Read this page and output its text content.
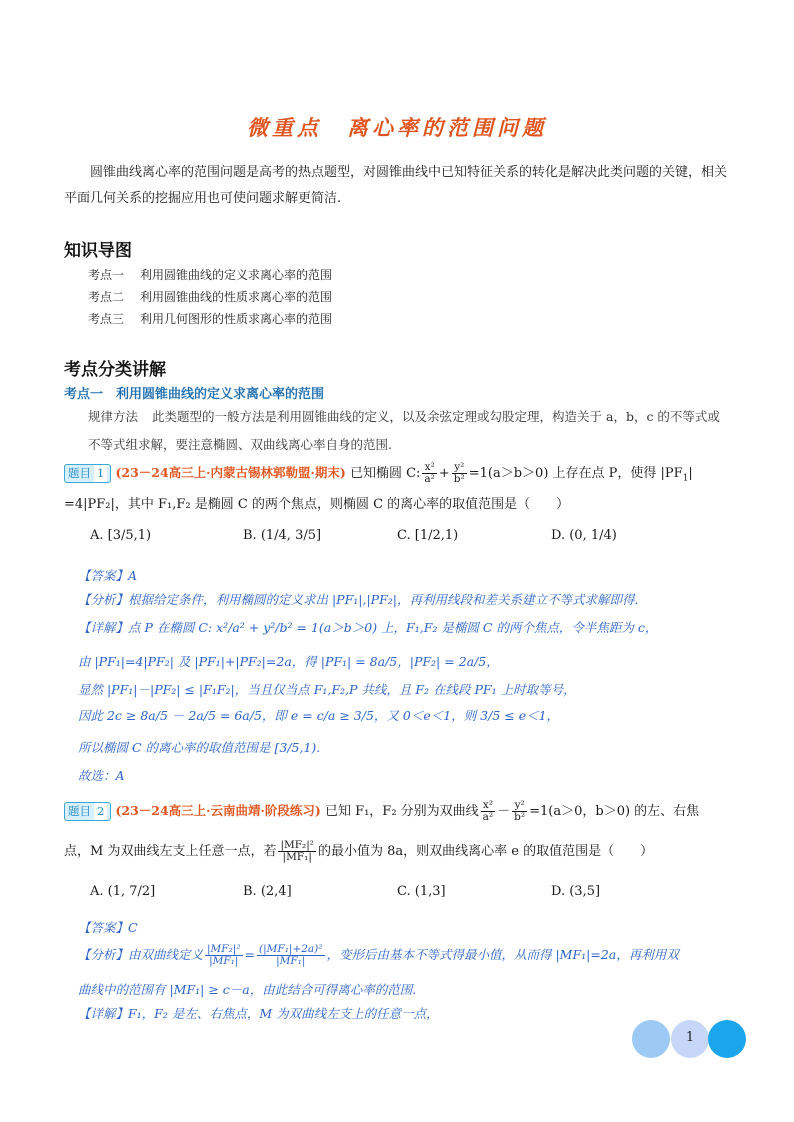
微重点　离心率的范围问题
圆锥曲线离心率的范围问题是高考的热点题型，对圆锥曲线中已知特征关系的转化是解决此类问题的关键，相关平面几何关系的挖掘应用也可使问题求解更简洁.
知识导图
考点一 利用圆锥曲线的定义求离心率的范围
考点二 利用圆锥曲线的性质求离心率的范围
考点三 利用几何图形的性质求离心率的范围
考点分类讲解
考点一　利用圆锥曲线的定义求离心率的范围
规律方法 此类题型的一般方法是利用圆锥曲线的定义，以及余弦定理或勾股定理，构造关于 a，b，c 的不等式或不等式组求解，要注意椭圆、双曲线离心率自身的范围.
题目 1 (23－24高三上·内蒙古锡林郭勒盟·期末) 已知椭圆 C: $\frac{\text{x²}}{\text{a²}} + \frac{\text{y²}}{\text{b²}} =1(a>b>0)$ 上存在点 P，使得 $|PF_1|$
=4|PF₂|，其中 F₁,F₂ 是椭圆 C 的两个焦点，则椭圆 C 的离心率的取值范围是（　　）
A. [3/5,1)	B. (1/4, 3/5]	C. [1/2,1)	D. (0, 1/4)
【答案】A
【分析】根据给定条件，利用椭圆的定义求出 |PF₁|,|PF₂|，再利用线段和差关系建立不等式求解即得.
【详解】点 P 在椭圆 C: x²/a² + y²/b² = 1(a＞b＞0) 上，F₁,F₂ 是椭圆 C 的两个焦点，令半焦距为 c，
由 |PF₁|=4|PF₂| 及 |PF₁|+|PF₂|=2a，得 |PF₁| = 8a/5，|PF₂| = 2a/5，
显然 |PF₁|－|PF₂| ≤ |F₁F₂|，当且仅当点 F₁,F₂,P 共线，且 F₂ 在线段 PF₁ 上时取等号，
因此 2c ≥ 8a/5 － 2a/5 = 6a/5，即 e = c/a ≥ 3/5，又 0＜e＜1，则 3/5 ≤ e＜1，
所以椭圆 C 的离心率的取值范围是 [3/5,1).
故选：A
题目 2 (23－24高三上·云南曲靖·阶段练习) 已知 F₁，F₂ 分别为双曲线 $\frac{\text{x²}}{\text{a²}} - \frac{\text{y²}}{\text{b²}} =1(a>0$，b＞0) 的左、右焦
点，M 为双曲线左支上任意一点，若 $\frac{\text{|MF₂|²}}{\text{|MF₁|}}$ 的最小值为 8a，则双曲线离心率 e 的取值范围是（　　）
A. (1, 7/2]	B. (2,4]	C. (1,3]	D. (3,5]
【答案】C
【分析】由双曲线定义 $\frac{\text{|MF₂|²}}{\text{|MF₁|}} = \frac{\text{(|MF₁|+2a)²}}{\text{|MF₁|}}$ ，变形后由基本不等式得最小值，从而得 |MF₁|=2a，再利用双
曲线中的范围有 |MF₁| ≥ c－a，由此结合可得离心率的范围.
【详解】F₁，F₂ 是左、右焦点，M 为双曲线左支上的任意一点，
1
